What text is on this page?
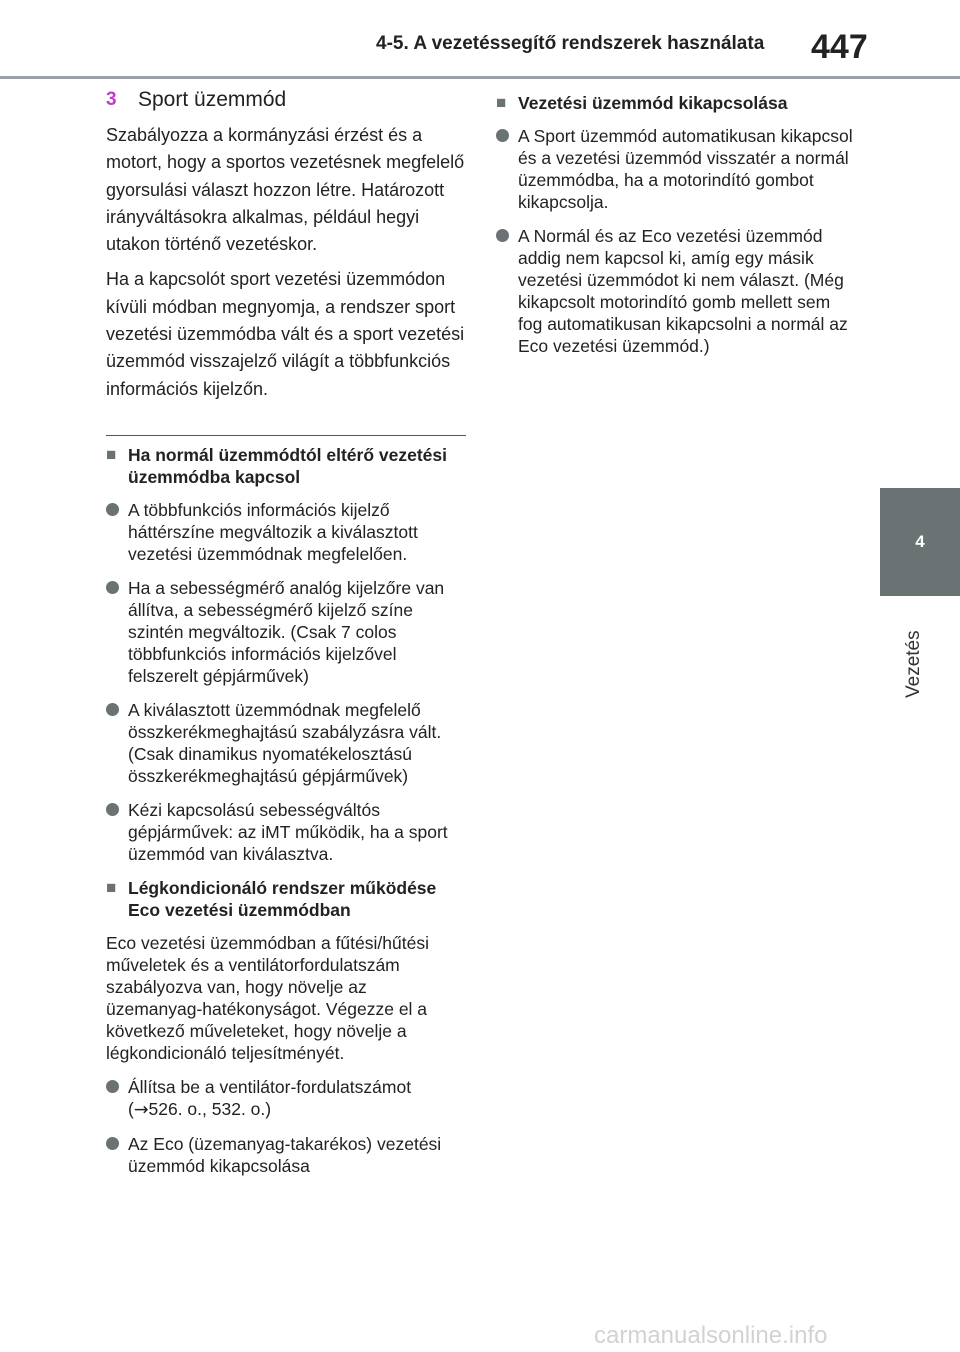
4-5. A vezetéssegítő rendszerek használata 447
4
Vezetés
3	Sport üzemmód

Szabályozza a kormányzási érzést és a motort, hogy a sportos vezetésnek megfelelő gyorsulási választ hozzon létre. Határozott irányváltásokra alkalmas, például hegyi utakon történő vezetéskor.

Ha a kapcsolót sport vezetési üzemmódon kívüli módban megnyomja, a rendszer sport vezetési üzemmódba vált és a sport vezetési üzemmód visszajelző világít a többfunkciós információs kijelzőn.

■ Ha normál üzemmódtól eltérő vezetési üzemmódba kapcsol
A többfunkciós információs kijelző háttérszíne megváltozik a kiválasztott vezetési üzemmódnak megfelelően.
Ha a sebességmérő analóg kijelzőre van állítva, a sebességmérő kijelző színe szintén megváltozik. (Csak 7 colos többfunkciós információs kijelzővel felszerelt gépjárművek)
A kiválasztott üzemmódnak megfelelő összkerékmeghajtású szabályzásra vált. (Csak dinamikus nyomatékelosztású összkerékmeghajtású gépjárművek)
Kézi kapcsolású sebességváltós gépjárművek: az iMT működik, ha a sport üzemmód van kiválasztva.
■ Légkondicionáló rendszer működése Eco vezetési üzemmódban

Eco vezetési üzemmódban a fűtési/hűtési műveletek és a ventilátorfordulatszám szabályozva van, hogy növelje az üzemanyag-hatékonyságot. Végezze el a következő műveleteket, hogy növelje a légkondicionáló teljesítményét.

Állítsa be a ventilátor-fordulatszámot (→526. o., 532. o.)
Az Eco (üzemanyag-takarékos) vezetési üzemmód kikapcsolása
■ Vezetési üzemmód kikapcsolása
A Sport üzemmód automatikusan kikapcsol és a vezetési üzemmód visszatér a normál üzemmódba, ha a motorindító gombot kikapcsolja.
A Normál és az Eco vezetési üzemmód addig nem kapcsol ki, amíg egy másik vezetési üzemmódot ki nem választ. (Még kikapcsolt motorindító gomb mellett sem fog automatikusan kikapcsolni a normál az Eco vezetési üzemmód.)
carmanualsonline.info
